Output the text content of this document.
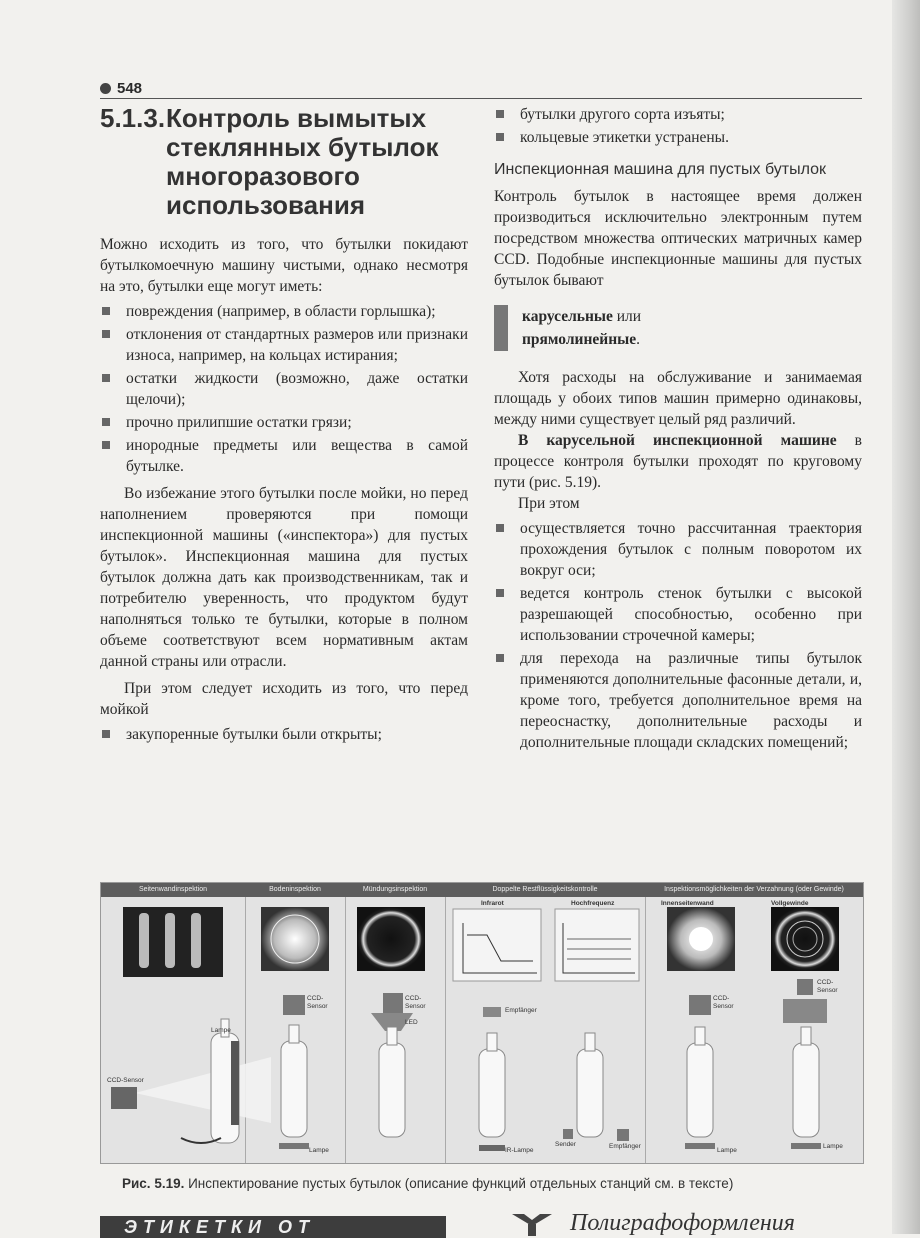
548
5.1.3. Контроль вымытых стеклянных бутылок многоразового использования

Можно исходить из того, что бутылки покидают бутылкомоечную машину чистыми, однако несмотря на это, бутылки еще могут иметь:

повреждения (например, в области горлышка);
отклонения от стандартных размеров или признаки износа, например, на кольцах истирания;
остатки жидкости (возможно, даже остатки щелочи);
прочно прилипшие остатки грязи;
инородные предметы или вещества в самой бутылке.

Во избежание этого бутылки после мойки, но перед наполнением проверяются при помощи инспекционной машины («инспектора») для пустых бутылок». Инспекционная машина для пустых бутылок должна дать как производственникам, так и потребителю уверенность, что продуктом будут наполняться только те бутылки, которые в полном объеме соответствуют всем нормативным актам данной страны или отрасли.

При этом следует исходить из того, что перед мойкой

закупоренные бутылки были открыты;
бутылки другого сорта изъяты;
кольцевые этикетки устранены.
Инспекционная машина для пустых бутылок

Контроль бутылок в настоящее время должен производиться исключительно электронным путем посредством множества оптических матричных камер CCD. Подобные инспекционные машины для пустых бутылок бывают

карусельные или
прямолинейные.

Хотя расходы на обслуживание и занимаемая площадь у обоих типов машин примерно одинаковы, между ними существует целый ряд различий.

В карусельной инспекционной машине в процессе контроля бутылки проходят по круговому пути (рис. 5.19).

При этом

осуществляется точно рассчитанная траектория прохождения бутылок с полным поворотом их вокруг оси;
ведется контроль стенок бутылки с высокой разрешающей способностью, особенно при использовании строчечной камеры;
для перехода на различные типы бутылок применяются дополнительные фасонные детали, и, кроме того, требуется дополнительное время на переоснастку, дополнительные расходы и дополнительные площади складских помещений;
Seitenwandinspektion	Bodeninspektion	Mündungsinspektion	Doppelte Restflüssigkeitskontrolle	Inspektionsmöglichkeiten der Verzahnung (oder Gewinde)
Infrarot	Hochfrequenz	Innenseitenwand	Vollgewinde
Lampe
CCD-Sensor
Lampe
CCD-Sensor
CCD-Sensor
LED
Empfänger
IR-Lampe
Sender	Empfänger
CCD-Sensor
Lampe
CCD-Sensor
Lampe
Рис. 5.19. Инспектирование пустых бутылок (описание функций отдельных станций см. в тексте)
ЭТИКЕТКИ ОТ	Полиграфоформления
